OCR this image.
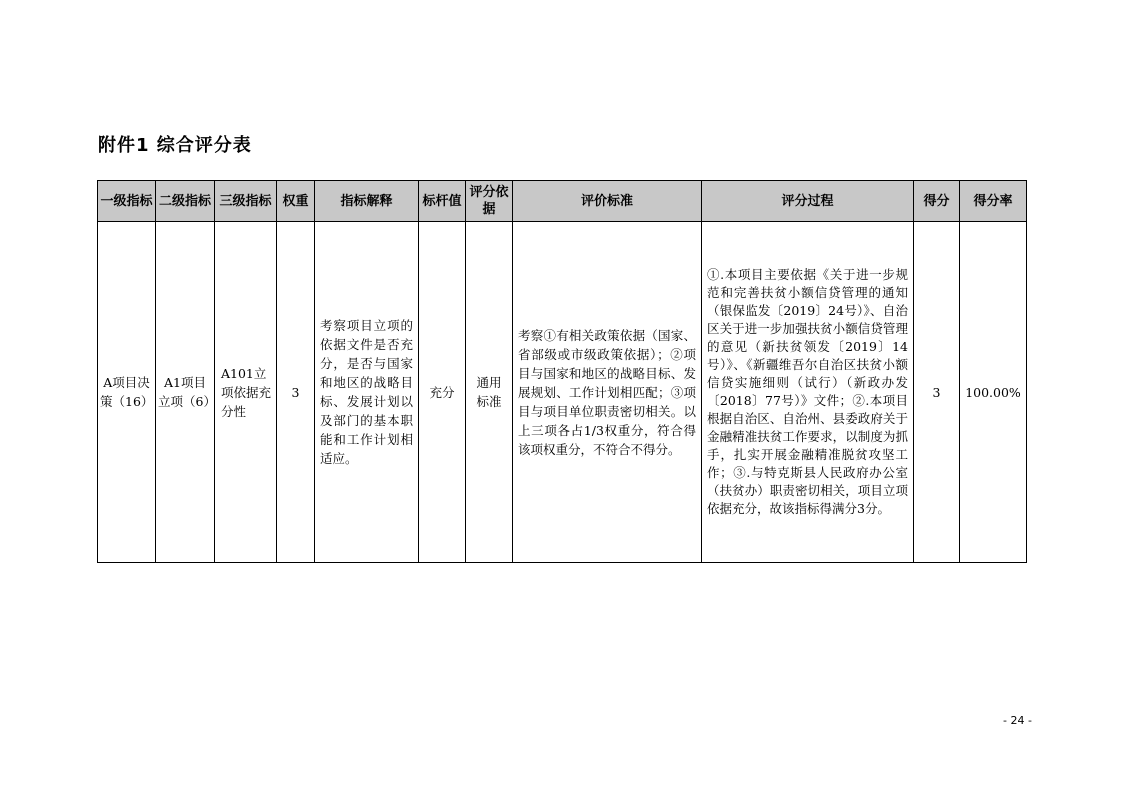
附件1 综合评分表
一级指标	二级指标	三级指标	权重	指标解释	标杆值	评分依据	评价标准	评分过程	得分	得分率
A项目决策（16）	A1项目立项（6）	A101立项依据充分性	3	考察项目立项的依据文件是否充分，是否与国家和地区的战略目标、发展计划以及部门的基本职能和工作计划相适应。	充分	通用标准	考察①有相关政策依据（国家、省部级或市级政策依据）；②项目与国家和地区的战略目标、发展规划、工作计划相匹配；③项目与项目单位职责密切相关。以上三项各占1/3权重分，符合得该项权重分，不符合不得分。	①.本项目主要依据《关于进一步规范和完善扶贫小额信贷管理的通知（银保监发〔2019〕24号）》、自治区关于进一步加强扶贫小额信贷管理的意见（新扶贫领发〔2019〕14号）》、《新疆维吾尔自治区扶贫小额信贷实施细则（试行）（新政办发〔2018〕77号）》文件；②.本项目根据自治区、自治州、县委政府关于金融精准扶贫工作要求，以制度为抓手，扎实开展金融精准脱贫攻坚工作；③.与特克斯县人民政府办公室（扶贫办）职责密切相关，项目立项依据充分，故该指标得满分3分。	3	100.00%
- 24 -
